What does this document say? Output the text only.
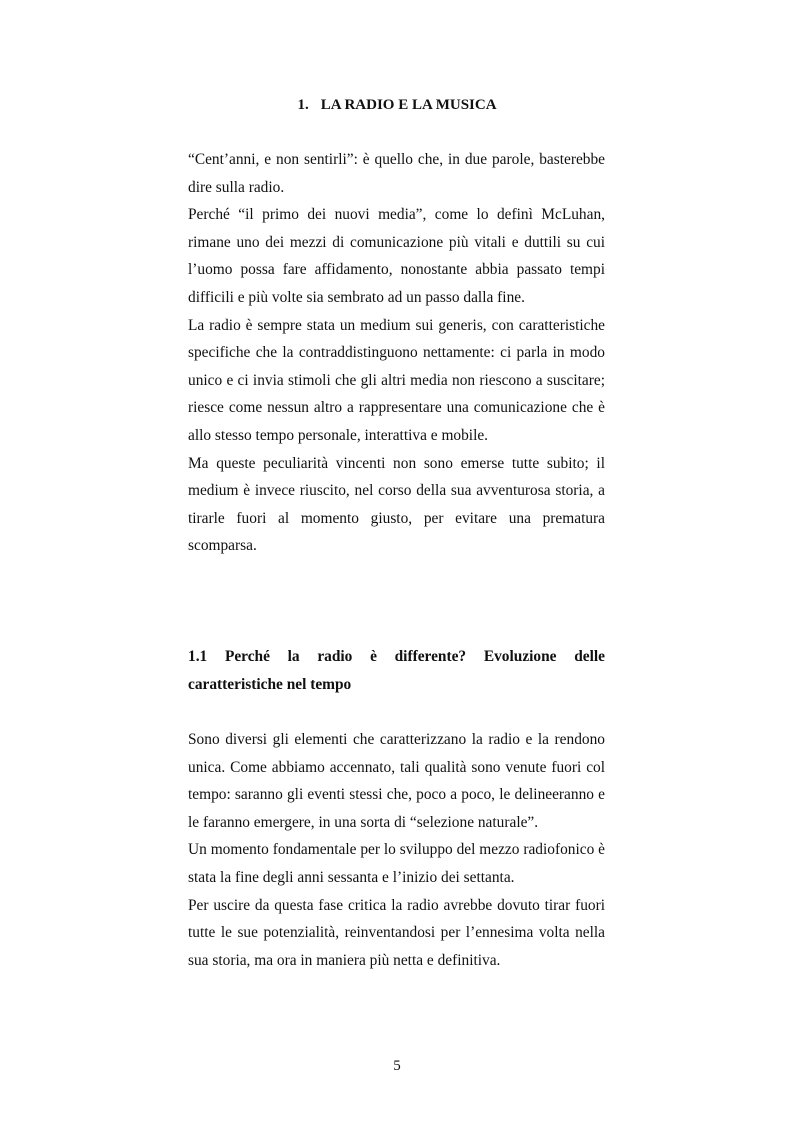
1. LA RADIO E LA MUSICA

“Cent’anni, e non sentirli”: è quello che, in due parole, basterebbe dire sulla radio.

Perché “il primo dei nuovi media”, come lo definì McLuhan, rimane uno dei mezzi di comunicazione più vitali e duttili su cui l’uomo possa fare affidamento, nonostante abbia passato tempi difficili e più volte sia sembrato ad un passo dalla fine.

La radio è sempre stata un medium sui generis, con caratteristiche specifiche che la contraddistinguono nettamente: ci parla in modo unico e ci invia stimoli che gli altri media non riescono a suscitare; riesce come nessun altro a rappresentare una comunicazione che è allo stesso tempo personale, interattiva e mobile.

Ma queste peculiarità vincenti non sono emerse tutte subito; il medium è invece riuscito, nel corso della sua avventurosa storia, a tirarle fuori al momento giusto, per evitare una prematura scomparsa.

1.1 Perché la radio è differente? Evoluzione delle caratteristiche nel tempo

Sono diversi gli elementi che caratterizzano la radio e la rendono unica. Come abbiamo accennato, tali qualità sono venute fuori col tempo: saranno gli eventi stessi che, poco a poco, le delineeranno e le faranno emergere, in una sorta di “selezione naturale”.

Un momento fondamentale per lo sviluppo del mezzo radiofonico è stata la fine degli anni sessanta e l’inizio dei settanta.

Per uscire da questa fase critica la radio avrebbe dovuto tirar fuori tutte le sue potenzialità, reinventandosi per l’ennesima volta nella sua storia, ma ora in maniera più netta e definitiva.

5
